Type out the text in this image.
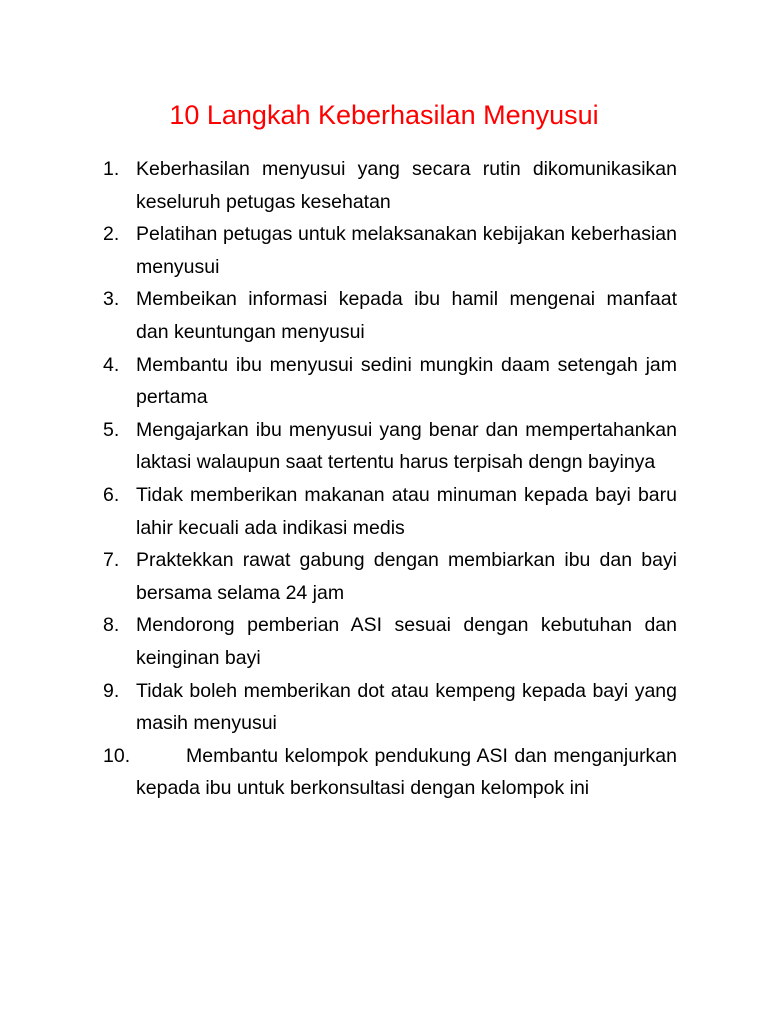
10 Langkah Keberhasilan Menyusui
1. Keberhasilan menyusui yang secara rutin dikomunikasikan keseluruh petugas kesehatan
2. Pelatihan petugas untuk melaksanakan kebijakan keberhasian menyusui
3. Membeikan informasi kepada ibu hamil mengenai manfaat dan keuntungan menyusui
4. Membantu ibu menyusui sedini mungkin daam setengah jam pertama
5. Mengajarkan ibu menyusui yang benar dan mempertahankan laktasi walaupun saat tertentu harus terpisah dengn bayinya
6. Tidak memberikan makanan atau minuman kepada bayi baru lahir kecuali ada indikasi medis
7. Praktekkan rawat gabung dengan membiarkan ibu dan bayi bersama selama 24 jam
8. Mendorong pemberian ASI sesuai dengan kebutuhan dan keinginan bayi
9. Tidak boleh memberikan dot atau kempeng kepada bayi yang masih menyusui
10.	Membantu kelompok pendukung ASI dan menganjurkan kepada ibu untuk berkonsultasi dengan kelompok ini
